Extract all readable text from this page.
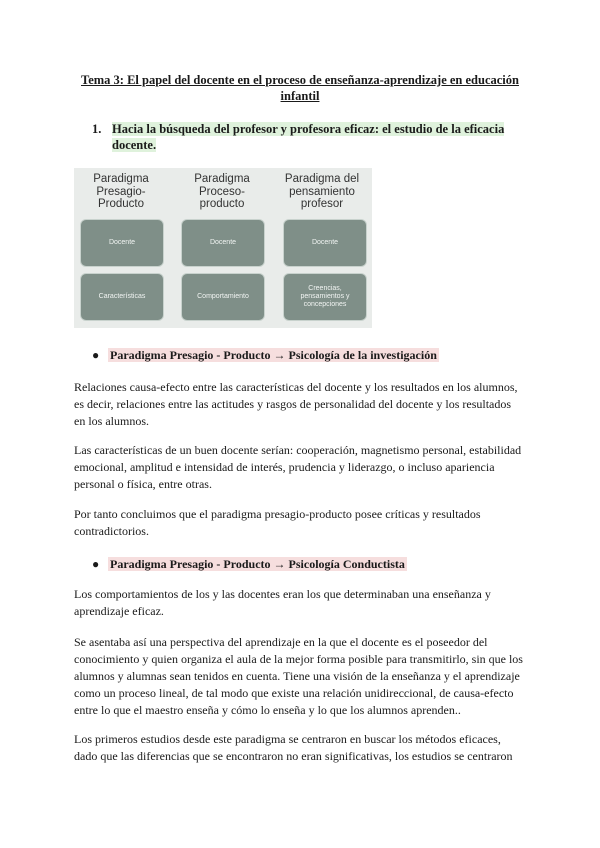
Tema 3: El papel del docente en el proceso de enseñanza-aprendizaje en educación
infantil
1. Hacia la búsqueda del profesor y profesora eficaz: el estudio de la eficacia
docente.
Paradigma
Presagio-
Producto
Docente
Características
Paradigma
Proceso-
producto
Docente
Comportamiento
Paradigma del
pensamiento
profesor
Docente
Creencias,
pensamientos y
concepciones
● Paradigma Presagio - Producto → Psicología de la investigación
Relaciones causa-efecto entre las características del docente y los resultados en los alumnos,
es decir, relaciones entre las actitudes y rasgos de personalidad del docente y los resultados
en los alumnos.
Las características de un buen docente serían: cooperación, magnetismo personal, estabilidad
emocional, amplitud e intensidad de interés, prudencia y liderazgo, o incluso apariencia
personal o física, entre otras.
Por tanto concluimos que el paradigma presagio-producto posee críticas y resultados
contradictorios.
● Paradigma Presagio - Producto → Psicología Conductista
Los comportamientos de los y las docentes eran los que determinaban una enseñanza y
aprendizaje eficaz.
Se asentaba así una perspectiva del aprendizaje en la que el docente es el poseedor del
conocimiento y quien organiza el aula de la mejor forma posible para transmitirlo, sin que los
alumnos y alumnas sean tenidos en cuenta. Tiene una visión de la enseñanza y el aprendizaje
como un proceso lineal, de tal modo que existe una relación unidireccional, de causa-efecto
entre lo que el maestro enseña y cómo lo enseña y lo que los alumnos aprenden..
Los primeros estudios desde este paradigma se centraron en buscar los métodos eficaces,
dado que las diferencias que se encontraron no eran significativas, los estudios se centraron
